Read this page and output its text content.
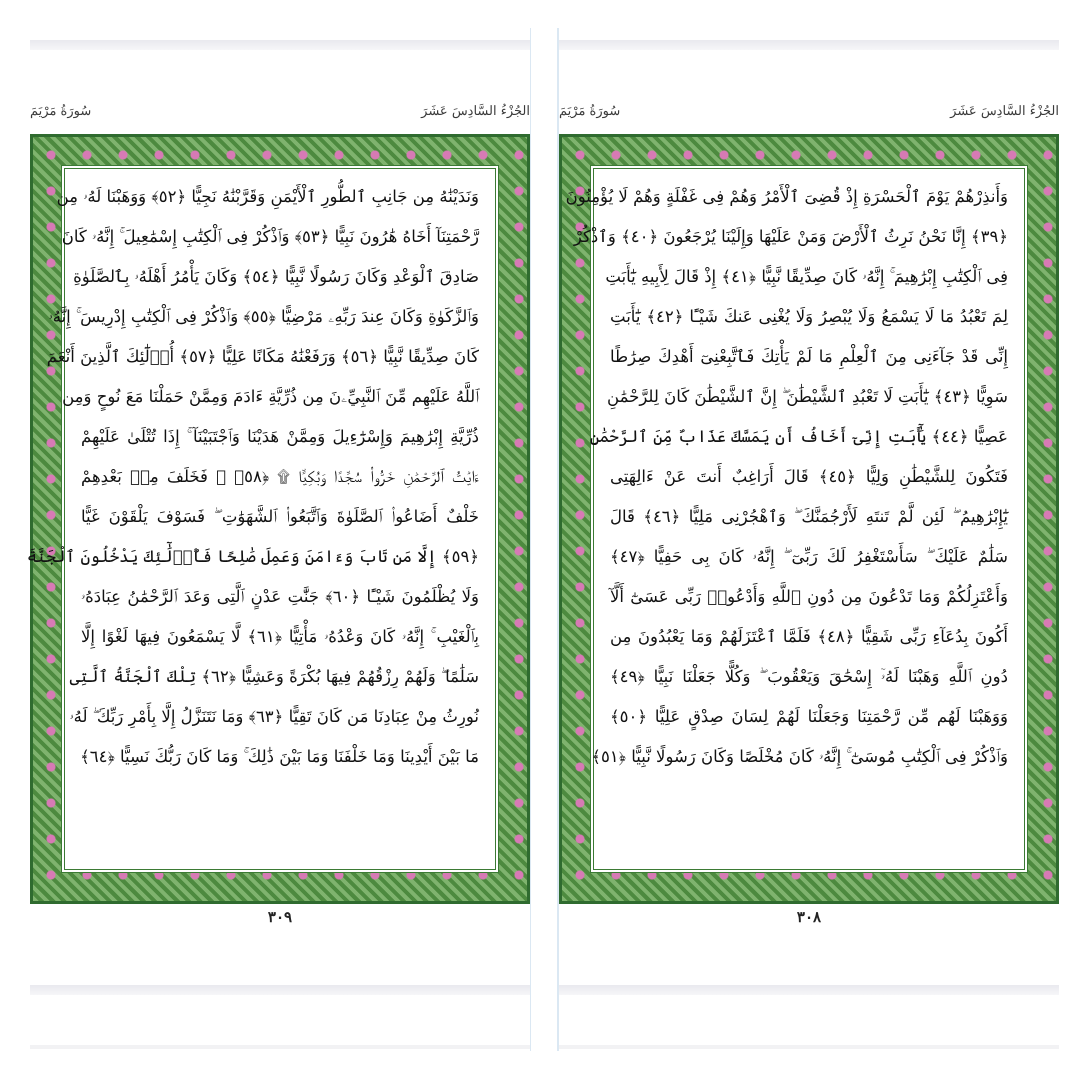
سُورَةُ مَرْيَمَ	الجُزْءُ السَّادِسَ عَشَرَ
وَنَدَيْنَٰهُ مِن جَانِبِ ٱلطُّورِ ٱلْأَيْمَنِ وَقَرَّبْنَٰهُ نَجِيًّا ﴿٥٢﴾ وَوَهَبْنَا لَهُۥ مِن
رَّحْمَتِنَآ أَخَاهُ هَٰرُونَ نَبِيًّا ﴿٥٣﴾ وَٱذْكُرْ فِى ٱلْكِتَٰبِ إِسْمَٰعِيلَ ۚ إِنَّهُۥ كَانَ
صَادِقَ ٱلْوَعْدِ وَكَانَ رَسُولًا نَّبِيًّا ﴿٥٤﴾ وَكَانَ يَأْمُرُ أَهْلَهُۥ بِٱلصَّلَوٰةِ
وَٱلزَّكَوٰةِ وَكَانَ عِندَ رَبِّهِۦ مَرْضِيًّا ﴿٥٥﴾ وَٱذْكُرْ فِى ٱلْكِتَٰبِ إِدْرِيسَ ۚ إِنَّهُۥ
كَانَ صِدِّيقًا نَّبِيًّا ﴿٥٦﴾ وَرَفَعْنَٰهُ مَكَانًا عَلِيًّا ﴿٥٧﴾ أُو۟لَٰٓئِكَ ٱلَّذِينَ أَنْعَمَ
ٱللَّهُ عَلَيْهِم مِّنَ ٱلنَّبِيِّۦنَ مِن ذُرِّيَّةِ ءَادَمَ وَمِمَّنْ حَمَلْنَا مَعَ نُوحٍ وَمِن
ذُرِّيَّةِ إِبْرَٰهِيمَ وَإِسْرَٰٓءِيلَ وَمِمَّنْ هَدَيْنَا وَٱجْتَبَيْنَآ ۚ إِذَا تُتْلَىٰ عَلَيْهِمْ
ءَايَٰتُ ٱلرَّحْمَٰنِ خَرُّوا۟ سُجَّدًا وَبُكِيًّا ۩ ﴿٥٨﴾ ۞ فَخَلَفَ مِنۢ بَعْدِهِمْ
خَلْفٌ أَضَاعُوا۟ ٱلصَّلَوٰةَ وَٱتَّبَعُوا۟ ٱلشَّهَوَٰتِ ۖ فَسَوْفَ يَلْقَوْنَ غَيًّا
﴿٥٩﴾ إِلَّا مَن تَابَ وَءَامَنَ وَعَمِلَ صَٰلِحًا فَأُو۟لَٰٓئِكَ يَدْخُلُونَ ٱلْجَنَّةَ
وَلَا يُظْلَمُونَ شَيْـًٔا ﴿٦٠﴾ جَنَّٰتِ عَدْنٍ ٱلَّتِى وَعَدَ ٱلرَّحْمَٰنُ عِبَادَهُۥ
بِٱلْغَيْبِ ۚ إِنَّهُۥ كَانَ وَعْدُهُۥ مَأْتِيًّا ﴿٦١﴾ لَّا يَسْمَعُونَ فِيهَا لَغْوًا إِلَّا
سَلَٰمًا ۖ وَلَهُمْ رِزْقُهُمْ فِيهَا بُكْرَةً وَعَشِيًّا ﴿٦٢﴾ تِلْكَ ٱلْجَنَّةُ ٱلَّتِى
نُورِثُ مِنْ عِبَادِنَا مَن كَانَ تَقِيًّا ﴿٦٣﴾ وَمَا نَتَنَزَّلُ إِلَّا بِأَمْرِ رَبِّكَ ۖ لَهُۥ
مَا بَيْنَ أَيْدِينَا وَمَا خَلْفَنَا وَمَا بَيْنَ ذَٰلِكَ ۚ وَمَا كَانَ رَبُّكَ نَسِيًّا ﴿٦٤﴾
٣٠٩
سُورَةُ مَرْيَمَ	الجُزْءُ السَّادِسَ عَشَرَ
وَأَنذِرْهُمْ يَوْمَ ٱلْحَسْرَةِ إِذْ قُضِىَ ٱلْأَمْرُ وَهُمْ فِى غَفْلَةٍ وَهُمْ لَا يُؤْمِنُونَ
﴿٣٩﴾ إِنَّا نَحْنُ نَرِثُ ٱلْأَرْضَ وَمَنْ عَلَيْهَا وَإِلَيْنَا يُرْجَعُونَ ﴿٤٠﴾ وَٱذْكُرْ
فِى ٱلْكِتَٰبِ إِبْرَٰهِيمَ ۚ إِنَّهُۥ كَانَ صِدِّيقًا نَّبِيًّا ﴿٤١﴾ إِذْ قَالَ لِأَبِيهِ يَٰٓأَبَتِ
لِمَ تَعْبُدُ مَا لَا يَسْمَعُ وَلَا يُبْصِرُ وَلَا يُغْنِى عَنكَ شَيْـًٔا ﴿٤٢﴾ يَٰٓأَبَتِ
إِنِّى قَدْ جَآءَنِى مِنَ ٱلْعِلْمِ مَا لَمْ يَأْتِكَ فَٱتَّبِعْنِىٓ أَهْدِكَ صِرَٰطًا
سَوِيًّا ﴿٤٣﴾ يَٰٓأَبَتِ لَا تَعْبُدِ ٱلشَّيْطَٰنَ ۖ إِنَّ ٱلشَّيْطَٰنَ كَانَ لِلرَّحْمَٰنِ
عَصِيًّا ﴿٤٤﴾ يَٰٓأَبَتِ إِنِّىٓ أَخَافُ أَن يَمَسَّكَ عَذَابٌ مِّنَ ٱلرَّحْمَٰنِ
فَتَكُونَ لِلشَّيْطَٰنِ وَلِيًّا ﴿٤٥﴾ قَالَ أَرَاغِبٌ أَنتَ عَنْ ءَالِهَتِى
يَٰٓإِبْرَٰهِيمُ ۖ لَئِن لَّمْ تَنتَهِ لَأَرْجُمَنَّكَ ۖ وَٱهْجُرْنِى مَلِيًّا ﴿٤٦﴾ قَالَ
سَلَٰمٌ عَلَيْكَ ۖ سَأَسْتَغْفِرُ لَكَ رَبِّىٓ ۖ إِنَّهُۥ كَانَ بِى حَفِيًّا ﴿٤٧﴾
وَأَعْتَزِلُكُمْ وَمَا تَدْعُونَ مِن دُونِ ٱللَّهِ وَأَدْعُوا۟ رَبِّى عَسَىٰٓ أَلَّآ
أَكُونَ بِدُعَآءِ رَبِّى شَقِيًّا ﴿٤٨﴾ فَلَمَّا ٱعْتَزَلَهُمْ وَمَا يَعْبُدُونَ مِن
دُونِ ٱللَّهِ وَهَبْنَا لَهُۥٓ إِسْحَٰقَ وَيَعْقُوبَ ۖ وَكُلًّا جَعَلْنَا نَبِيًّا ﴿٤٩﴾
وَوَهَبْنَا لَهُم مِّن رَّحْمَتِنَا وَجَعَلْنَا لَهُمْ لِسَانَ صِدْقٍ عَلِيًّا ﴿٥٠﴾
وَٱذْكُرْ فِى ٱلْكِتَٰبِ مُوسَىٰٓ ۚ إِنَّهُۥ كَانَ مُخْلَصًا وَكَانَ رَسُولًا نَّبِيًّا ﴿٥١﴾
٣٠٨
